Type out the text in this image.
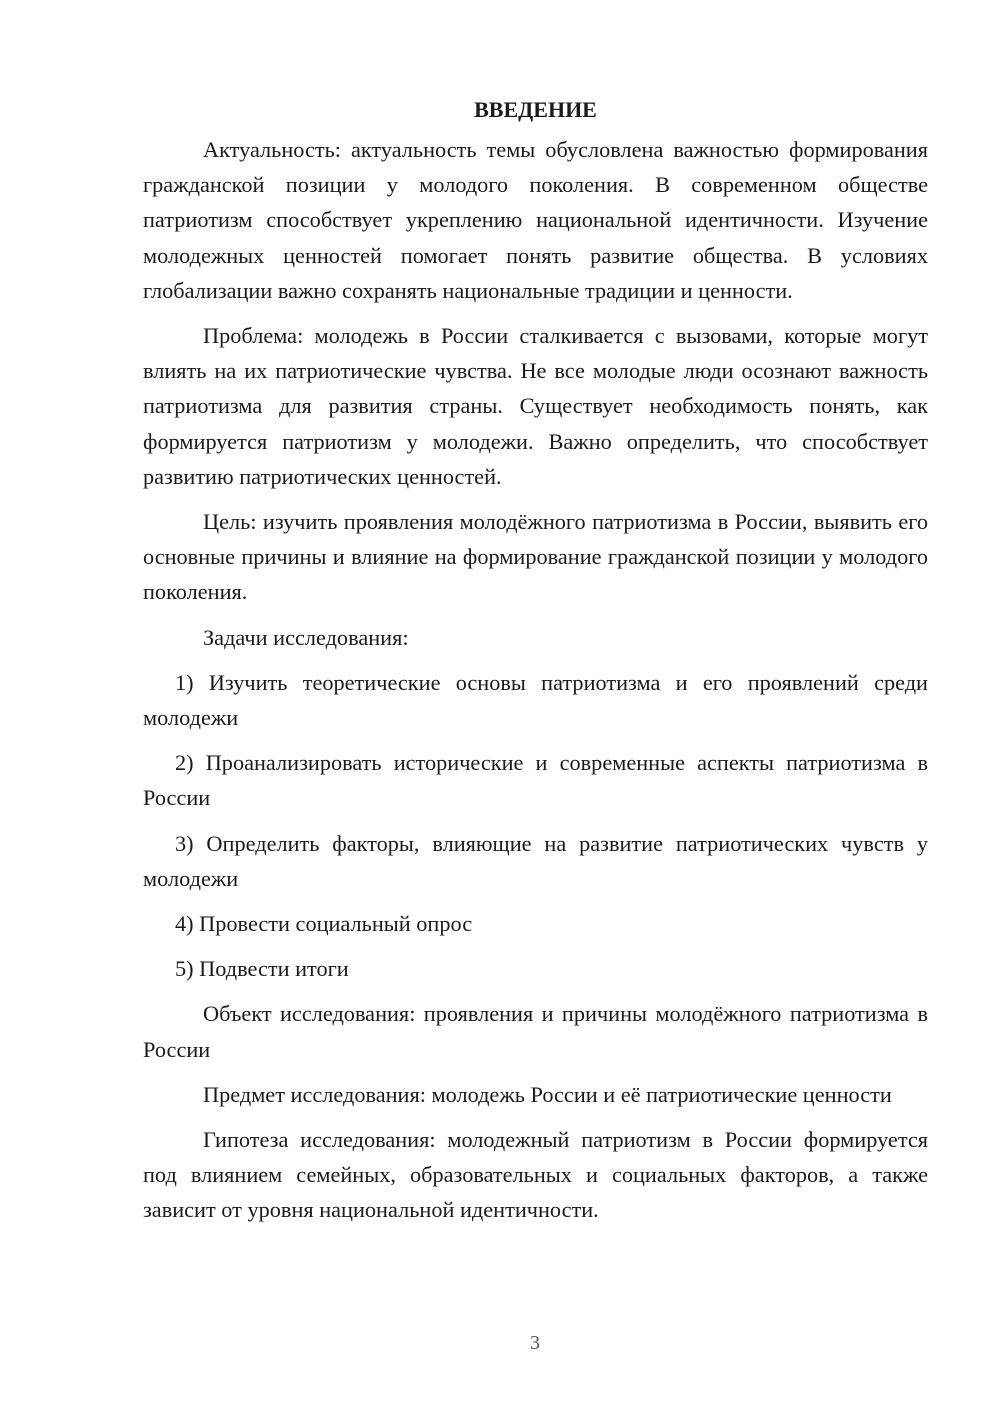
ВВЕДЕНИЕ

Актуальность: актуальность темы обусловлена важностью формирования гражданской позиции у молодого поколения. В современном обществе патриотизм способствует укреплению национальной идентичности. Изучение молодежных ценностей помогает понять развитие общества. В условиях глобализации важно сохранять национальные традиции и ценности.

Проблема: молодежь в России сталкивается с вызовами, которые могут влиять на их патриотические чувства. Не все молодые люди осознают важность патриотизма для развития страны. Существует необходимость понять, как формируется патриотизм у молодежи. Важно определить, что способствует развитию патриотических ценностей.

Цель: изучить проявления молодёжного патриотизма в России, выявить его основные причины и влияние на формирование гражданской позиции у молодого поколения.

Задачи исследования:

1) Изучить теоретические основы патриотизма и его проявлений среди молодежи

2) Проанализировать исторические и современные аспекты патриотизма в России

3) Определить факторы, влияющие на развитие патриотических чувств у молодежи

4) Провести социальный опрос

5) Подвести итоги

Объект исследования: проявления и причины молодёжного патриотизма в России

Предмет исследования: молодежь России и её патриотические ценности

Гипотеза исследования: молодежный патриотизм в России формируется под влиянием семейных, образовательных и социальных факторов, а также зависит от уровня национальной идентичности.

3
